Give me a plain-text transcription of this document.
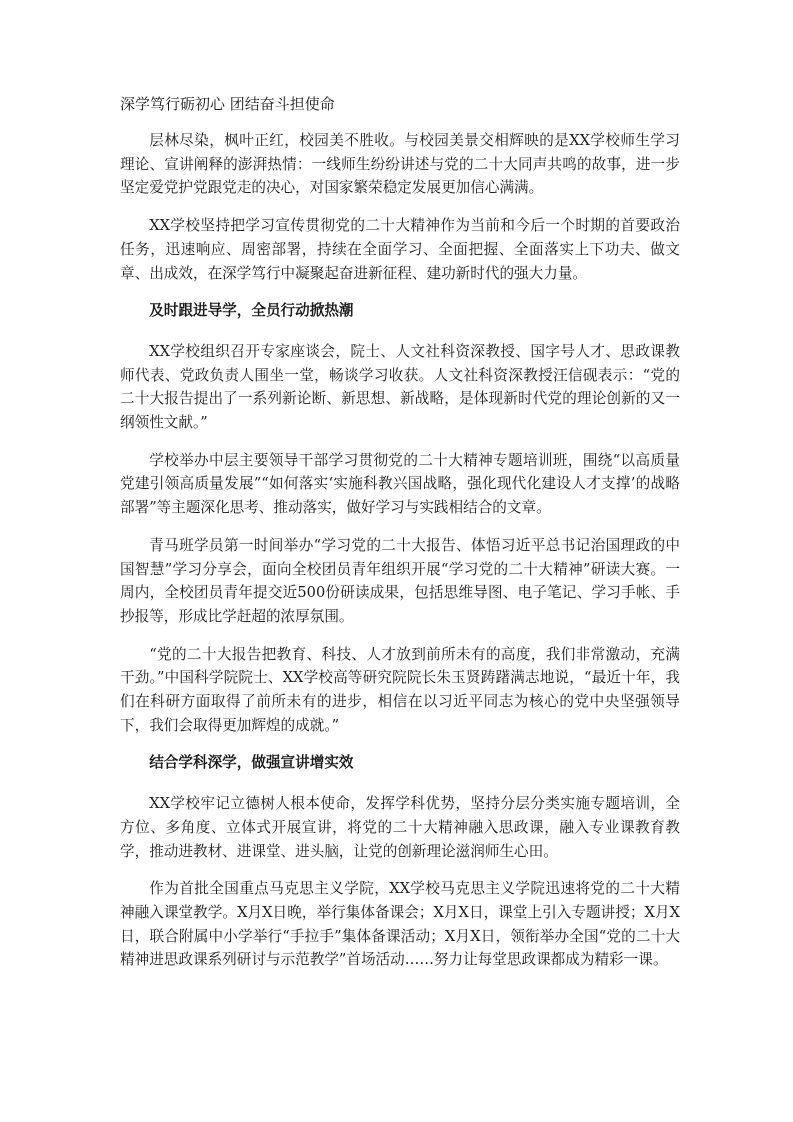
深学笃行砺初心 团结奋斗担使命

层林尽染，枫叶正红，校园美不胜收。与校园美景交相辉映的是XX学校师生学习理论、宣讲阐释的澎湃热情：一线师生纷纷讲述与党的二十大同声共鸣的故事，进一步坚定爱党护党跟党走的决心，对国家繁荣稳定发展更加信心满满。

XX学校坚持把学习宣传贯彻党的二十大精神作为当前和今后一个时期的首要政治任务，迅速响应、周密部署，持续在全面学习、全面把握、全面落实上下功夫、做文章、出成效，在深学笃行中凝聚起奋进新征程、建功新时代的强大力量。

及时跟进导学，全员行动掀热潮

XX学校组织召开专家座谈会，院士、人文社科资深教授、国字号人才、思政课教师代表、党政负责人围坐一堂，畅谈学习收获。人文社科资深教授汪信砚表示：“党的二十大报告提出了一系列新论断、新思想、新战略，是体现新时代党的理论创新的又一纲领性文献。”

学校举办中层主要领导干部学习贯彻党的二十大精神专题培训班，围绕“以高质量党建引领高质量发展”“如何落实‘实施科教兴国战略，强化现代化建设人才支撑’的战略部署”等主题深化思考、推动落实，做好学习与实践相结合的文章。

青马班学员第一时间举办“学习党的二十大报告、体悟习近平总书记治国理政的中国智慧”学习分享会，面向全校团员青年组织开展“学习党的二十大精神”研读大赛。一周内，全校团员青年提交近500份研读成果，包括思维导图、电子笔记、学习手帐、手抄报等，形成比学赶超的浓厚氛围。

“党的二十大报告把教育、科技、人才放到前所未有的高度，我们非常激动，充满干劲。”中国科学院院士、XX学校高等研究院院长朱玉贤踌躇满志地说，“最近十年，我们在科研方面取得了前所未有的进步，相信在以习近平同志为核心的党中央坚强领导下，我们会取得更加辉煌的成就。”

结合学科深学，做强宣讲增实效

XX学校牢记立德树人根本使命，发挥学科优势，坚持分层分类实施专题培训，全方位、多角度、立体式开展宣讲，将党的二十大精神融入思政课，融入专业课教育教学，推动进教材、进课堂、进头脑，让党的创新理论滋润师生心田。

作为首批全国重点马克思主义学院，XX学校马克思主义学院迅速将党的二十大精神融入课堂教学。X月X日晚，举行集体备课会；X月X日，课堂上引入专题讲授；X月X日，联合附属中小学举行“手拉手”集体备课活动；X月X日，领衔举办全国“党的二十大精神进思政课系列研讨与示范教学”首场活动……努力让每堂思政课都成为精彩一课。
